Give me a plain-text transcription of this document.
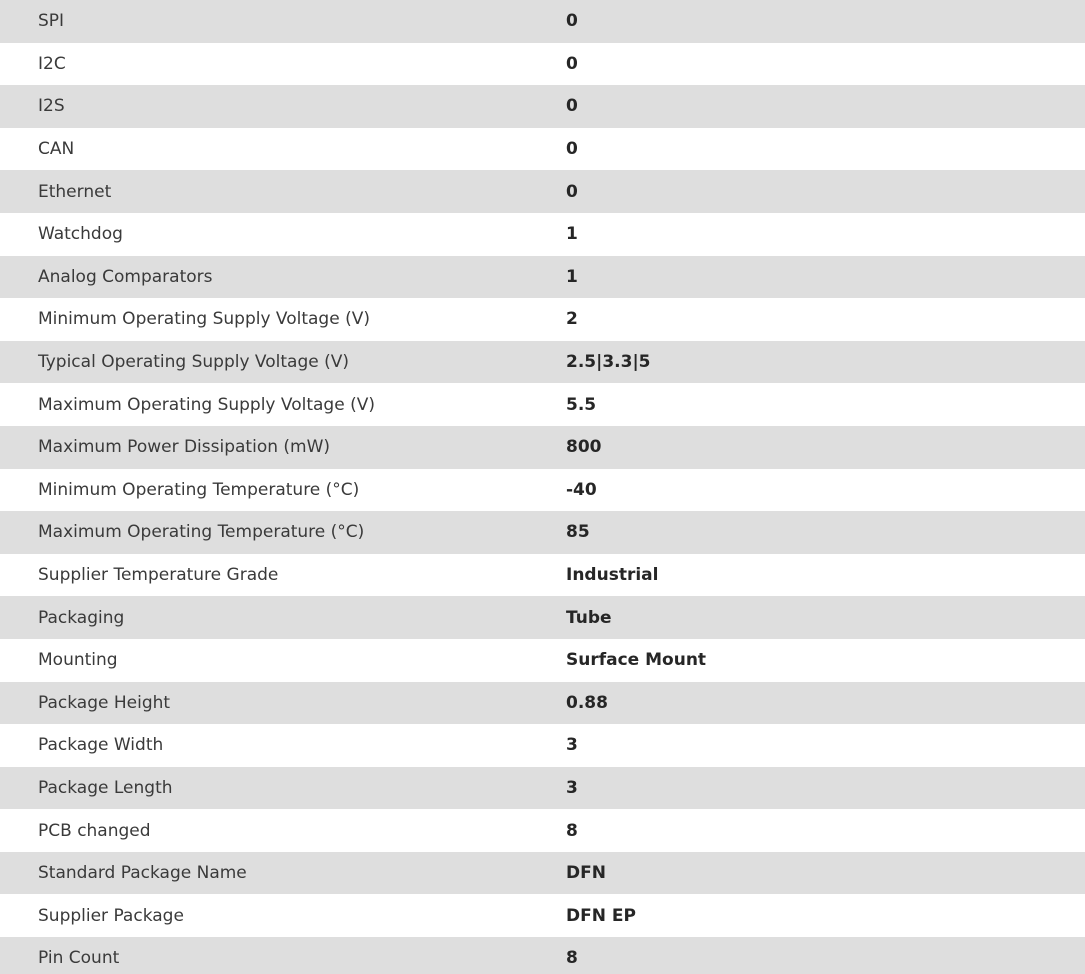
SPI	0
I2C	0
I2S	0
CAN	0
Ethernet	0
Watchdog	1
Analog Comparators	1
Minimum Operating Supply Voltage (V)	2
Typical Operating Supply Voltage (V)	2.5|3.3|5
Maximum Operating Supply Voltage (V)	5.5
Maximum Power Dissipation (mW)	800
Minimum Operating Temperature (°C)	-40
Maximum Operating Temperature (°C)	85
Supplier Temperature Grade	Industrial
Packaging	Tube
Mounting	Surface Mount
Package Height	0.88
Package Width	3
Package Length	3
PCB changed	8
Standard Package Name	DFN
Supplier Package	DFN EP
Pin Count	8
